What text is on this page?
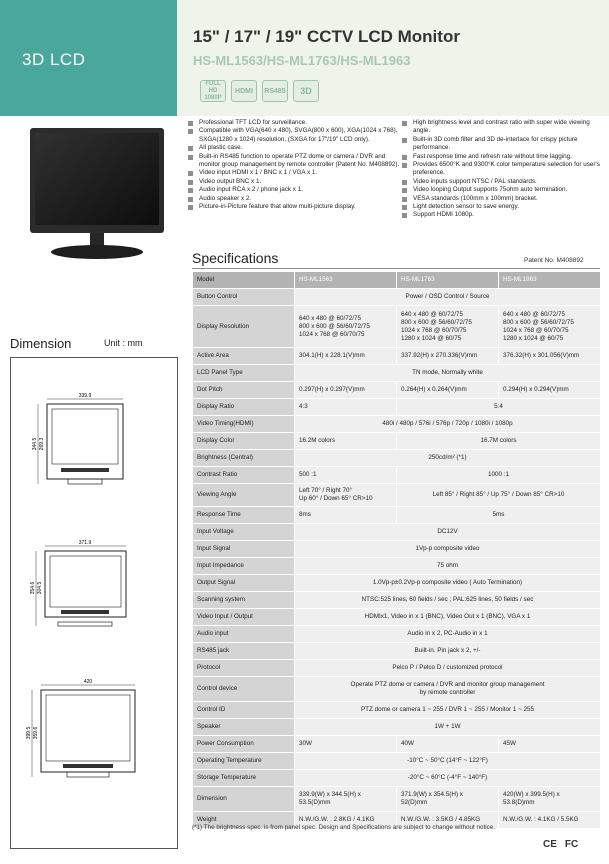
3D LCD
15" / 17" / 19" CCTV LCD Monitor
HS-ML1563/HS-ML1763/HS-ML1963
FULL HD
1080P
HDMI	RS485	3D
Professional TFT LCD for surveillance.
Compatible with VGA(640 x 480), SVGA(800 x 600), XGA(1024 x 768), SXGA(1280 x 1024) resolution, (SXGA for 17"/19" LCD only).
All plastic case.
Built-in RS485 function to operate PTZ dome or camera / DVR and monitor group management by remote controller (Patent No. M408892).
Video input HDMI x 1 / BNC x 1 / VGA x 1.
Video output BNC x 1.
Audio input RCA x 2 / phone jack x 1.
Audio speaker x 2.
Picture-in-Picture feature that allow multi-picture display.
High brightness level and contrast ratio with super wide viewing angle.
Built-in 3D comb filter and 3D de-interlace for crispy picture performance.
Fast response time and refresh rate without time lagging.
Provides 6500°K and 9300°K color temperature selection for user's preference.
Video inputs support NTSC / PAL standards.
Video looping Output supports 75ohm auto termination.
VESA standards (100mm x 100mm) bracket.
Light detection sensor to save energy.
Support HDMI 1080p.
Dimension	Unit : mm
339.9
344.5 269.3
371.9
354.6 304.5
420
399.5 359.6
Specifications	Patent No. M408892
Model	HS-ML1563	HS-ML1763	HS-ML1963
Button Control	Power / OSD Control / Source		
Display Resolution	640 x 480 @ 60/72/75
800 x 600 @ 56/60/72/75
1024 x 768 @ 60/70/75	640 x 480 @ 60/72/75
800 x 600 @ 56/60/72/75
1024 x 768 @ 60/70/75
1280 x 1024 @ 60/75	640 x 480 @ 60/72/75
800 x 600 @ 56/60/72/75
1024 x 768 @ 60/70/75
1280 x 1024 @ 60/75
Active Area	304.1(H) x 228.1(V)mm	337.92(H) x 270.336(V)mm	376.32(H) x 301.056(V)mm
LCD Panel Type	TN mode, Normally white		
Dot Pitch	0.297(H) x 0.297(V)mm	0.264(H) x 0.264(V)mm	0.294(H) x 0.294(V)mm
Display Ratio	4:3	5:4	
Video Timing(HDMI)	480i / 480p / 576i / 576p / 720p / 1080i / 1080p		
Display Color	16.2M colors	16.7M colors	
Brightness (Central)	250cd/m² (*1)		
Contrast Ratio	500 :1	1000 :1	
Viewing Angle	Left 70° / Right 70°
Up 60° / Down 65° CR>10	Left 85° / Right 85° / Up 75° / Down 85° CR>10	
Response Time	8ms	5ms	
Input Voltage	DC12V		
Input Signal	1Vp-p composite video		
Input Impedance	75 ohm		
Output Signal	1.0Vp-p±0.2Vp-p composite video ( Auto Termination)		
Scanning system	NTSC:525 lines, 60 fields / sec ; PAL:625 lines, 50 fields / sec		
Video Input / Output	HDMIx1, Video in x 1 (BNC), Video Out x 1 (BNC), VGA x 1		
Audio input	Audio in x 2, PC-Audio in x 1		
RS485 jack	Built-in. Pin jack x 2, +/-		
Protocol	Pelco P / Pelco D / customized protocol		
Control device	Operate PTZ dome or camera / DVR and monitor group management
by remote controller		
Control ID	PTZ dome or camera 1 ~ 255 / DVR 1 ~ 255 / Monitor 1 ~ 255		
Speaker	1W + 1W		
Power Consumption	30W	40W	45W
Operating Temperature	-10°C ~ 50°C (14°F ~ 122°F)		
Storage Temperature	-20°C ~ 60°C (-4°F ~ 140°F)		
Dimension	339.9(W) x 344.5(H) x
53.5(D)mm	371.9(W) x 354.5(H) x
52(D)mm	420(W) x 399.5(H) x
53.8(D)mm
Weight	N.W./G.W. : 2.8KG / 4.1KG	N.W./G.W. : 3.5KG / 4.85KG	N.W./G.W. : 4.1KG / 5.5KG
(*1) The brightness spec. is from panel spec. Design and Specifications are subject to change without notice.
CE FC
